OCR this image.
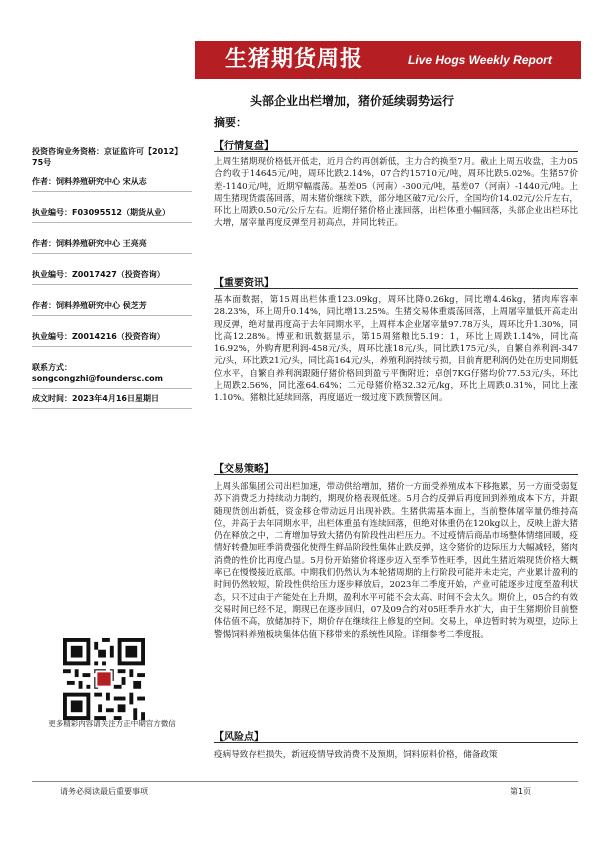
生猪期货周报	Live Hogs Weekly Report
头部企业出栏增加，猪价延续弱势运行
摘要：
投资咨询业务资格：京证监许可【2012】75号
作者：饲料养殖研究中心 宋从志
执业编号：F03095512（期货从业）
作者：饲料养殖研究中心 王亮亮
执业编号：Z0017427（投资咨询）
作者：饲料养殖研究中心 侯芝芳
执业编号：Z0014216（投资咨询）
联系方式：songcongzhi@foundersc.com
成文时间：2023年4月16日星期日
【行情复盘】
上周生猪期现价格低开低走，近月合约再创新低，主力合约换至7月。截止上周五收盘，主力05合约收于14645元/吨，周环比跌2.14%，07合约15710元/吨，周环比跌5.02%。生猪57价差-1140元/吨，近期窄幅震荡。基差05（河南）-300元/吨，基差07（河南）-1440元/吨。上周生猪现货震荡回落，周末猪价继续下跌，部分地区破7元/公斤，全国均价14.02元/公斤左右，环比上周跌0.50元/公斤左右。近期仔猪价格止涨回落，出栏体重小幅回落，头部企业出栏环比大增，屠宰量再度反弹至月初高点，并同比转正。
【重要资讯】
基本面数据，第15周出栏体重123.09kg，周环比降0.26kg，同比增4.46kg，猪肉库容率28.23%，环上周升0.14%，同比增13.25%。生猪交易体重震荡回落，上周屠宰量低开高走出现反弹，绝对量再度高于去年同期水平，上周样本企业屠宰量97.78万头，周环比升1.30%，同比高12.28%。博亚和讯数据显示，第15周猪粮比5.19：1，环比上周跌1.14%，同比高16.92%，外购育肥利润-458元/头，周环比涨18元/头，同比跌175元/头，自繁自养利润-347元/头，环比跌21元/头，同比高164元/头，养殖利润持续亏损，目前育肥利润仍处在历史同期低位水平，自繁自养利润跟随仔猪价格回到盈亏平衡附近；卓创7KG仔猪均价77.53元/头，环比上周跌2.56%，同比涨64.64%；二元母猪价格32.32元/kg，环比上周跌0.31%，同比上涨1.10%。猪粮比延续回落，再度逼近一级过度下跌预警区间。
【交易策略】
上周头部集团公司出栏加速，带动供给增加，猪价一方面受养殖成本下移拖累，另一方面受弱复苏下消费乏力持续动力制约，期现价格表现低迷。5月合约反弹后再度回到养殖成本下方，并跟随现货创出新低，资金移仓带动远月出现补跌。生猪供需基本面上，当前整体屠宰量仍维持高位，并高于去年同期水平，出栏体重虽有连续回落，但绝对体重仍在120kg以上，反映上游大猪仍在释放之中，二育增加导致大猪仍有阶段性出栏压力。不过疫情后商品市场整体情绪回暖，疫情好转叠加旺季消费强化使得生鲜品阶段性集体止跌反弹，这令猪价的边际压力大幅减轻，猪肉消费的性价比再度凸显。5月份开始猪价将逐步迈入至季节性旺季，因此生猪近端现货价格大概率已在慢慢接近底部。中期我们仍然认为本轮猪周期的上行阶段可能并未走完，产业累计盈利的时间仍然较短，阶段性供给压力逐步释放后，2023年二季度开始，产业可能逐步过度至盈利状态，只不过由于产能处在上升期，盈利水平可能不会太高、时间不会太久。期价上，05合约有效交易时间已经不足，期现已在逐步回归，07及09合约对05旺季升水扩大，由于生猪期价目前整体估值不高，放储加持下，期价存在继续往上修复的空间。交易上，单边暂时转为观望，边际上警惕饲料养殖板块集体估值下移带来的系统性风险。详细参考二季度报。
【风险点】
疫病导致存栏损失，新冠疫情导致消费不及预期，饲料原料价格，储备政策
更多精彩内容请关注方正中期官方微信
请务必阅读最后重要事项	第1页
